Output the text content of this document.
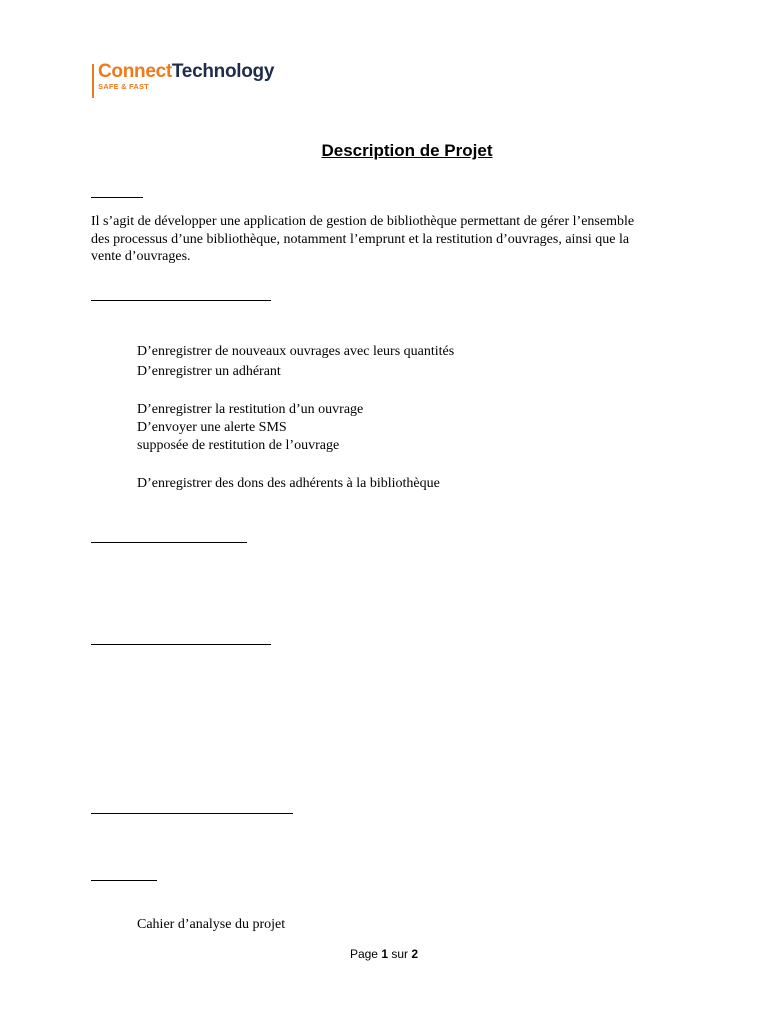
ConnectTechnology
SAFE & FAST
Description de Projet

Il s’agit de développer une application de gestion de bibliothèque permettant de gérer l’ensemble des processus d’une bibliothèque, notamment l’emprunt et la restitution d’ouvrages, ainsi que la vente d’ouvrages.

D’enregistrer de nouveaux ouvrages avec leurs quantités
D’enregistrer un adhérant
D’enregistrer la restitution d’un ouvrage
D’envoyer une alerte SMS
supposée de restitution de l’ouvrage
D’enregistrer des dons des adhérents à la bibliothèque
Cahier d’analyse du projet
Page 1 sur 2
